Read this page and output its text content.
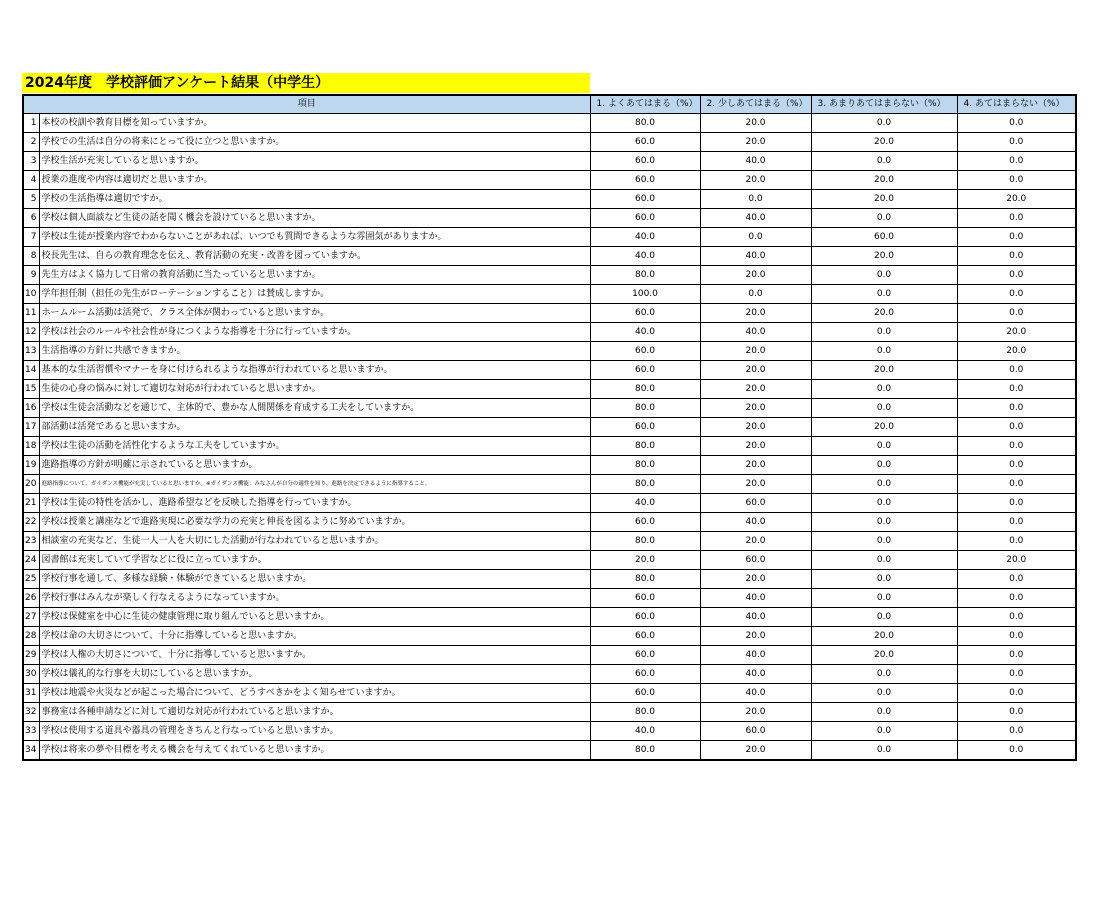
2024年度　学校評価アンケート結果（中学生）
項目		1. よくあてはまる（%）	2. 少しあてはまる（%）	3. あまりあてはまらない（%）	4. あてはまらない（%）
1	本校の校訓や教育目標を知っていますか。	80.0	20.0	0.0	0.0
2	学校での生活は自分の将来にとって役に立つと思いますか。	60.0	20.0	20.0	0.0
3	学校生活が充実していると思いますか。	60.0	40.0	0.0	0.0
4	授業の進度や内容は適切だと思いますか。	60.0	20.0	20.0	0.0
5	学校の生活指導は適切ですか。	60.0	0.0	20.0	20.0
6	学校は個人面談など生徒の話を聞く機会を設けていると思いますか。	60.0	40.0	0.0	0.0
7	学校は生徒が授業内容でわからないことがあれば、いつでも質問できるような雰囲気がありますか。	40.0	0.0	60.0	0.0
8	校長先生は、自らの教育理念を伝え、教育活動の充実・改善を図っていますか。	40.0	40.0	20.0	0.0
9	先生方はよく協力して日常の教育活動に当たっていると思いますか。	80.0	20.0	0.0	0.0
10	学年担任制（担任の先生がローテーションすること）は賛成しますか。	100.0	0.0	0.0	0.0
11	ホームルーム活動は活発で、クラス全体が関わっていると思いますか。	60.0	20.0	20.0	0.0
12	学校は社会のルールや社会性が身につくような指導を十分に行っていますか。	40.0	40.0	0.0	20.0
13	生活指導の方針に共感できますか。	60.0	20.0	0.0	20.0
14	基本的な生活習慣やマナーを身に付けられるような指導が行われていると思いますか。	60.0	20.0	20.0	0.0
15	生徒の心身の悩みに対して適切な対応が行われていると思いますか。	80.0	20.0	0.0	0.0
16	学校は生徒会活動などを通じて、主体的で、豊かな人間関係を育成する工夫をしていますか。	80.0	20.0	0.0	0.0
17	部活動は活発であると思いますか。	60.0	20.0	20.0	0.0
18	学校は生徒の活動を活性化するような工夫をしていますか。	80.0	20.0	0.0	0.0
19	進路指導の方針が明確に示されていると思いますか。	80.0	20.0	0.0	0.0
20	進路指導について、ガイダンス機能が充実していると思いますか。※ガイダンス機能：みなさんが自分の適性を知り、進路を決定できるように指導すること。	80.0	20.0	0.0	0.0
21	学校は生徒の特性を活かし、進路希望などを反映した指導を行っていますか。	40.0	60.0	0.0	0.0
22	学校は授業と講座などで進路実現に必要な学力の充実と伸長を図るように努めていますか。	60.0	40.0	0.0	0.0
23	相談室の充実など、生徒一人一人を大切にした活動が行なわれていると思いますか。	80.0	20.0	0.0	0.0
24	図書館は充実していて学習などに役に立っていますか。	20.0	60.0	0.0	20.0
25	学校行事を通して、多様な経験・体験ができていると思いますか。	80.0	20.0	0.0	0.0
26	学校行事はみんなが楽しく行なえるようになっていますか。	60.0	40.0	0.0	0.0
27	学校は保健室を中心に生徒の健康管理に取り組んでいると思いますか。	60.0	40.0	0.0	0.0
28	学校は命の大切さについて、十分に指導していると思いますか。	60.0	20.0	20.0	0.0
29	学校は人権の大切さについて、十分に指導していると思いますか。	60.0	40.0	20.0	0.0
30	学校は儀礼的な行事を大切にしていると思いますか。	60.0	40.0	0.0	0.0
31	学校は地震や火災などが起こった場合について、どうすべきかをよく知らせていますか。	60.0	40.0	0.0	0.0
32	事務室は各種申請などに対して適切な対応が行われていると思いますか。	80.0	20.0	0.0	0.0
33	学校は使用する道具や器具の管理をきちんと行なっていると思いますか。	40.0	60.0	0.0	0.0
34	学校は将来の夢や目標を考える機会を与えてくれていると思いますか。	80.0	20.0	0.0	0.0
